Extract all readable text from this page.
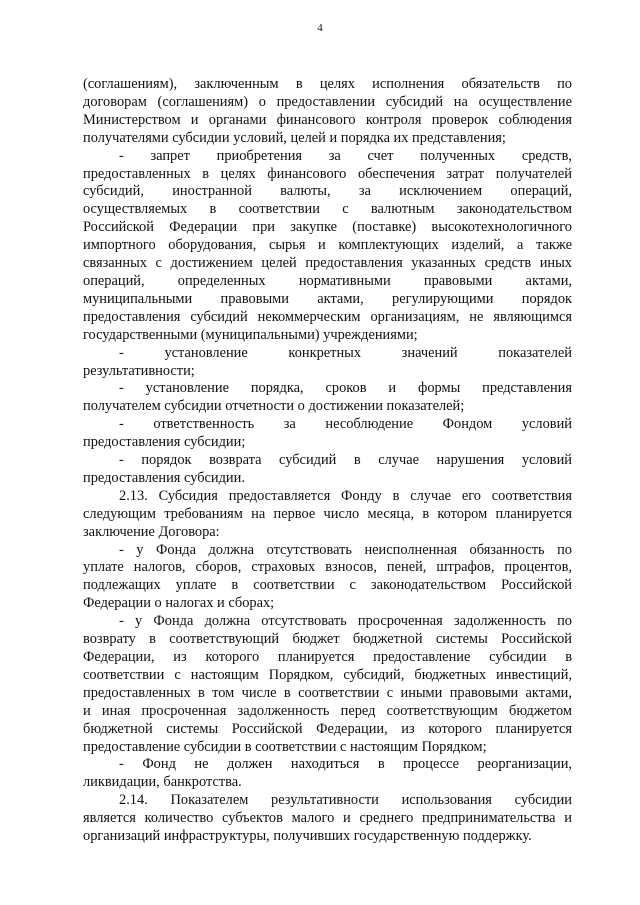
4
(соглашениям), заключенным в целях исполнения обязательств по
договорам (соглашениям) о предоставлении субсидий на осуществление
Министерством и органами финансового контроля проверок соблюдения
получателями субсидии условий, целей и порядка их представления;
- запрет приобретения за счет полученных средств,
предоставленных в целях финансового обеспечения затрат получателей
субсидий, иностранной валюты, за исключением операций,
осуществляемых в соответствии с валютным законодательством
Российской Федерации при закупке (поставке) высокотехнологичного
импортного оборудования, сырья и комплектующих изделий, а также
связанных с достижением целей предоставления указанных средств иных
операций, определенных нормативными правовыми актами,
муниципальными правовыми актами, регулирующими порядок
предоставления субсидий некоммерческим организациям, не являющимся
государственными (муниципальными) учреждениями;
- установление конкретных значений показателей
результативности;
- установление порядка, сроков и формы представления
получателем субсидии отчетности о достижении показателей;
- ответственность за несоблюдение Фондом условий
предоставления субсидии;
- порядок возврата субсидий в случае нарушения условий
предоставления субсидии.
2.13. Субсидия предоставляется Фонду в случае его соответствия
следующим требованиям на первое число месяца, в котором планируется
заключение Договора:
- у Фонда должна отсутствовать неисполненная обязанность по
уплате налогов, сборов, страховых взносов, пеней, штрафов, процентов,
подлежащих уплате в соответствии с законодательством Российской
Федерации о налогах и сборах;
- у Фонда должна отсутствовать просроченная задолженность по
возврату в соответствующий бюджет бюджетной системы Российской
Федерации, из которого планируется предоставление субсидии в
соответствии с настоящим Порядком, субсидий, бюджетных инвестиций,
предоставленных в том числе в соответствии с иными правовыми актами,
и иная просроченная задолженность перед соответствующим бюджетом
бюджетной системы Российской Федерации, из которого планируется
предоставление субсидии в соответствии с настоящим Порядком;
- Фонд не должен находиться в процессе реорганизации,
ликвидации, банкротства.
2.14. Показателем результативности использования субсидии
является количество субъектов малого и среднего предпринимательства и
организаций инфраструктуры, получивших государственную поддержку.
